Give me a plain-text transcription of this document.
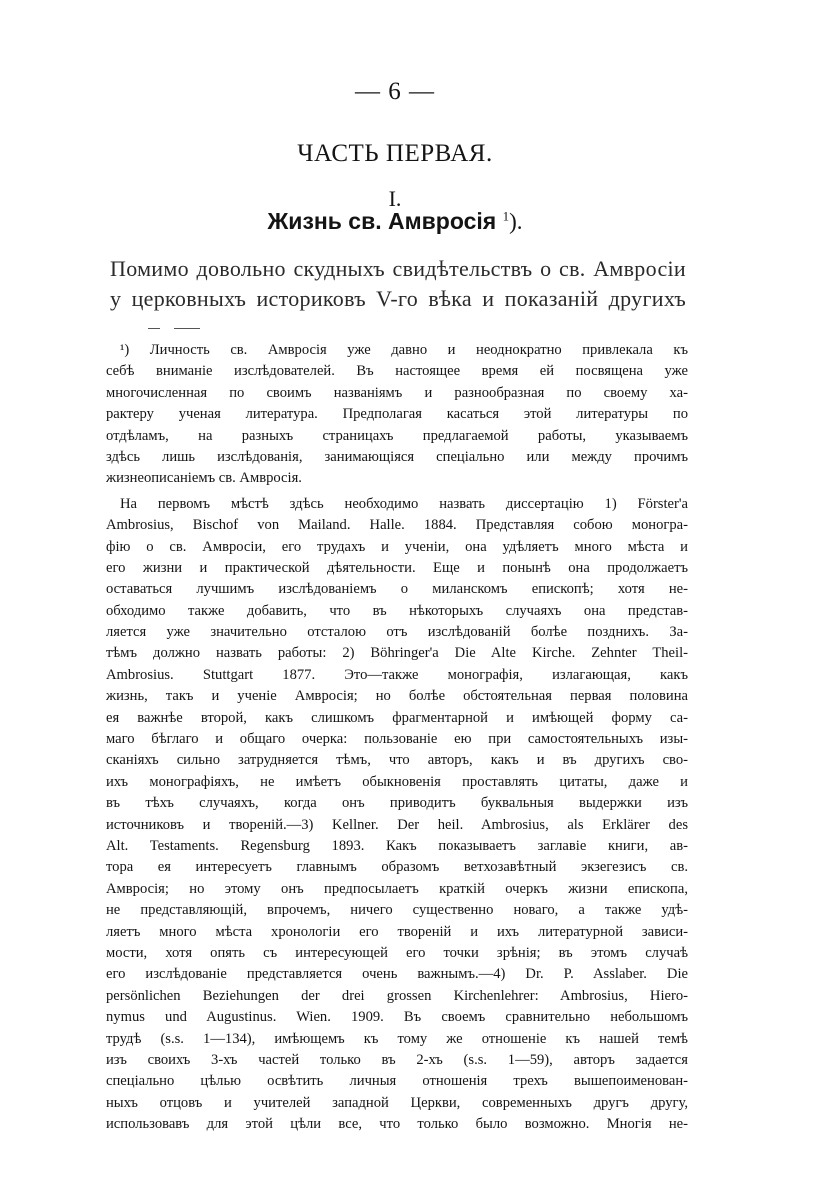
— 6 —
ЧАСТЬ ПЕРВАЯ.
I.
Жизнь св. Амвросія $^1$).
Помимо довольно скудныхъ свидѣтельствъ о св. Амвросіи
у церковныхъ историковъ V-го вѣка и показаній другихъ
¹) Личность св. Амвросія уже давно и неоднократно привлекала къ
себѣ вниманіе изслѣдователей. Въ настоящее время ей посвящена уже
многочисленная по своимъ названіямъ и разнообразная по своему ха-
рактеру ученая литература. Предполагая касаться этой литературы по
отдѣламъ, на разныхъ страницахъ предлагаемой работы, указываемъ
здѣсь лишь изслѣдованія, занимающіяся спеціально или между прочимъ
жизнеописаніемъ св. Амвросія.
На первомъ мѣстѣ здѣсь необходимо назвать диссертацію 1) Förster'a
Ambrosius, Bischof von Mailand. Halle. 1884. Представляя собою моногра-
фію о св. Амвросіи, его трудахъ и ученіи, она удѣляетъ много мѣста и
его жизни и практической дѣятельности. Еще и понынѣ она продолжаетъ
оставаться лучшимъ изслѣдованіемъ о миланскомъ епископѣ; хотя не-
обходимо также добавить, что въ нѣкоторыхъ случаяхъ она представ-
ляется уже значительно отсталою отъ изслѣдованій болѣе позднихъ. За-
тѣмъ должно назвать работы: 2) Böhringer'a Die Alte Kirche. Zehnter Theil-
Ambrosius. Stuttgart 1877. Это—также монографія, излагающая, какъ
жизнь, такъ и ученіе Амвросія; но болѣе обстоятельная первая половина
ея важнѣе второй, какъ слишкомъ фрагментарной и имѣющей форму са-
маго бѣглаго и общаго очерка: пользованіе ею при самостоятельныхъ изы-
сканіяхъ сильно затрудняется тѣмъ, что авторъ, какъ и въ другихъ сво-
ихъ монографіяхъ, не имѣетъ обыкновенія проставлять цитаты, даже и
въ тѣхъ случаяхъ, когда онъ приводитъ буквальныя выдержки изъ
источниковъ и твореній.—3) Kellner. Der heil. Ambrosius, als Erklärer des
Alt. Testaments. Regensburg 1893. Какъ показываетъ заглавіе книги, ав-
тора ея интересуетъ главнымъ образомъ ветхозавѣтный экзегезисъ св.
Амвросія; но этому онъ предпосылаетъ краткій очеркъ жизни епископа,
не представляющій, впрочемъ, ничего существенно новаго, а также удѣ-
ляетъ много мѣста хронологіи его твореній и ихъ литературной зависи-
мости, хотя опять съ интересующей его точки зрѣнія; въ этомъ случаѣ
его изслѣдованіе представляется очень важнымъ.—4) Dr. P. Asslaber. Die
persönlichen Beziehungen der drei grossen Kirchenlehrer: Ambrosius, Hiero-
nymus und Augustinus. Wien. 1909. Въ своемъ сравнительно небольшомъ
трудѣ (s.s. 1—134), имѣющемъ къ тому же отношеніе къ нашей темѣ
изъ своихъ 3-хъ частей только въ 2-хъ (s.s. 1—59), авторъ задается
спеціально цѣлью освѣтить личныя отношенія трехъ вышепоименован-
ныхъ отцовъ и учителей западной Церкви, современныхъ другъ другу,
использовавъ для этой цѣли все, что только было возможно. Многія не-
